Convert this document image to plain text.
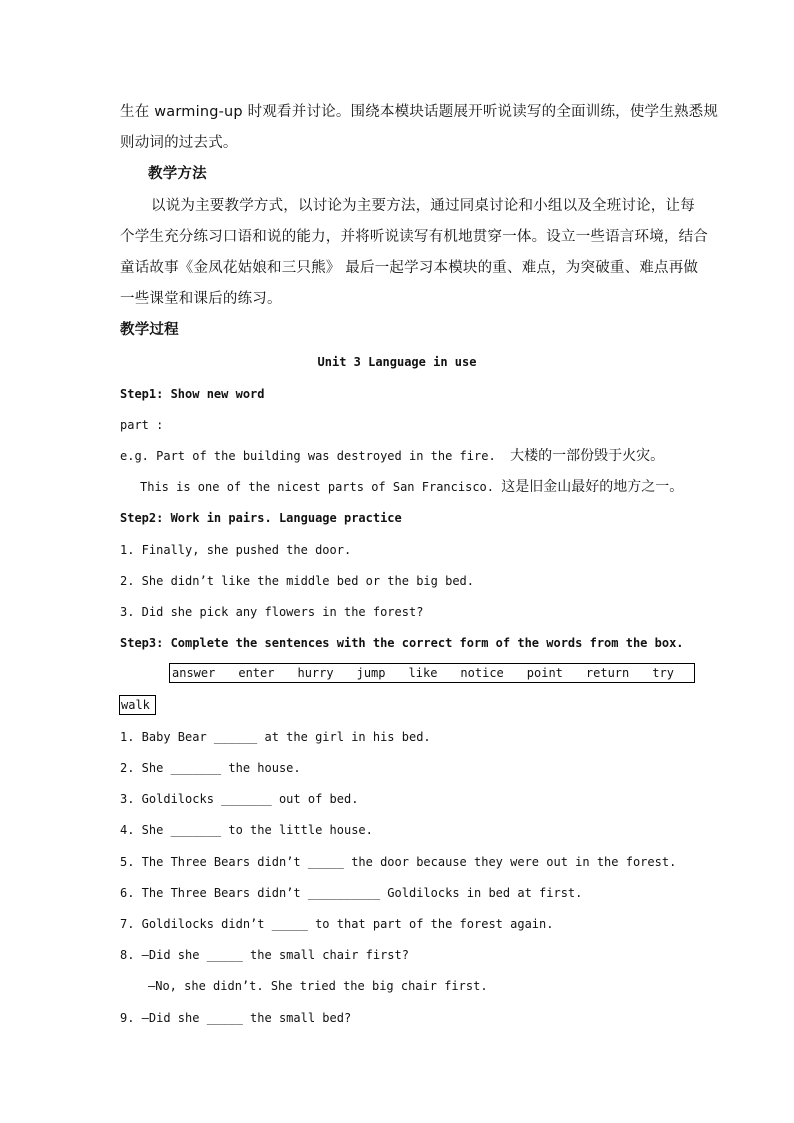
生在 warming-up 时观看并讨论。围绕本模块话题展开听说读写的全面训练，使学生熟悉规
则动词的过去式。
教学方法
以说为主要教学方式，以讨论为主要方法，通过同桌讨论和小组以及全班讨论，让每
个学生充分练习口语和说的能力，并将听说读写有机地贯穿一体。设立一些语言环境，结合
童话故事《金凤花姑娘和三只熊》 最后一起学习本模块的重、难点，为突破重、难点再做
一些课堂和课后的练习。
教学过程
Unit 3 Language in use
Step1: Show new word
part :
e.g. Part of the building was destroyed in the fire. 大楼的一部份毁于火灾。
This is one of the nicest parts of San Francisco. 这是旧金山最好的地方之一。
Step2: Work in pairs. Language practice
1. Finally, she pushed the door.
2. She didn’t like the middle bed or the big bed.
3. Did she pick any flowers in the forest?
Step3: Complete the sentences with the correct form of the words from the box.
answer enter hurry jump like notice point return try
walk
1. Baby Bear ______ at the girl in his bed.
2. She _______ the house.
3. Goldilocks _______ out of bed.
4. She _______ to the little house.
5. The Three Bears didn’t _____ the door because they were out in the forest.
6. The Three Bears didn’t __________ Goldilocks in bed at first.
7. Goldilocks didn’t _____ to that part of the forest again.
8. —Did she _____ the small chair first?
—No, she didn’t. She tried the big chair first.
9. —Did she _____ the small bed?
